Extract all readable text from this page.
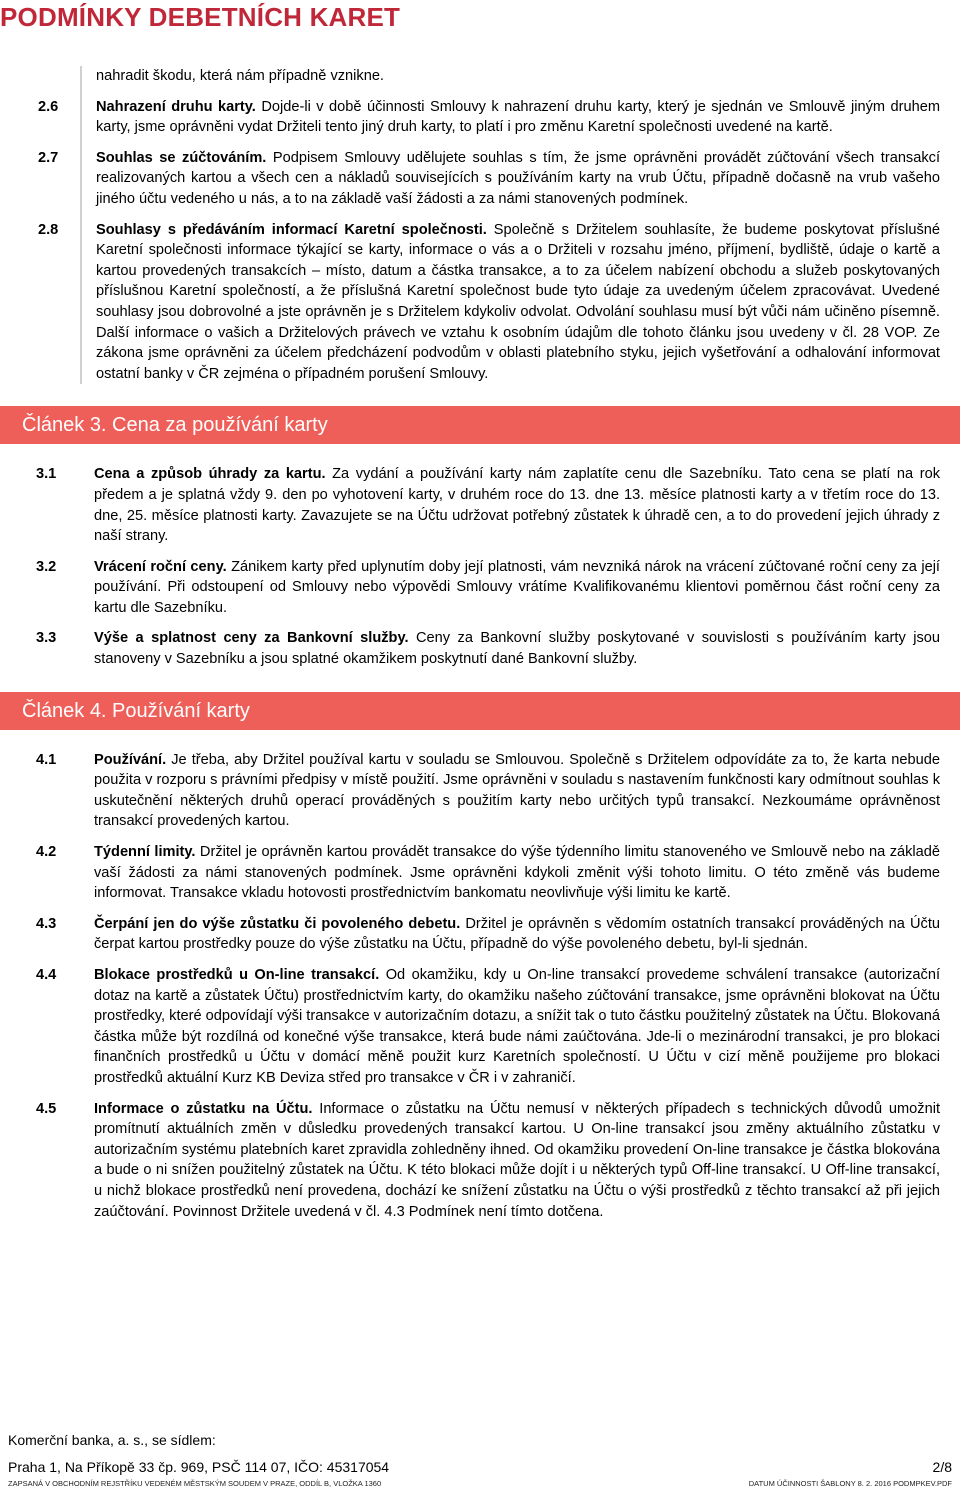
PODMÍNKY DEBETNÍCH KARET
nahradit škodu, která nám případně vznikne.
2.6	Nahrazení druhu karty. Dojde-li v době účinnosti Smlouvy k nahrazení druhu karty, který je sjednán ve Smlouvě jiným druhem karty, jsme oprávněni vydat Držiteli tento jiný druh karty, to platí i pro změnu Karetní společnosti uvedené na kartě.
2.7	Souhlas se zúčtováním. Podpisem Smlouvy udělujete souhlas s tím, že jsme oprávněni provádět zúčtování všech transakcí realizovaných kartou a všech cen a nákladů souvisejících s používáním karty na vrub Účtu, případně dočasně na vrub vašeho jiného účtu vedeného u nás, a to na základě vaší žádosti a za námi stanovených podmínek.
2.8	Souhlasy s předáváním informací Karetní společnosti. Společně s Držitelem souhlasíte, že budeme poskytovat příslušné Karetní společnosti informace týkající se karty, informace o vás a o Držiteli v rozsahu jméno, příjmení, bydliště, údaje o kartě a kartou provedených transakcích – místo, datum a částka transakce, a to za účelem nabízení obchodu a služeb poskytovaných příslušnou Karetní společností, a že příslušná Karetní společnost bude tyto údaje za uvedeným účelem zpracovávat. Uvedené souhlasy jsou dobrovolné a jste oprávněn je s Držitelem kdykoliv odvolat. Odvolání souhlasu musí být vůči nám učiněno písemně. Další informace o vašich a Držitelových právech ve vztahu k osobním údajům dle tohoto článku jsou uvedeny v čl. 28 VOP. Ze zákona jsme oprávněni za účelem předcházení podvodům v oblasti platebního styku, jejich vyšetřování a odhalování informovat ostatní banky v ČR zejména o případném porušení Smlouvy.
Článek 3. Cena za používání karty
3.1	Cena a způsob úhrady za kartu. Za vydání a používání karty nám zaplatíte cenu dle Sazebníku. Tato cena se platí na rok předem a je splatná vždy 9. den po vyhotovení karty, v druhém roce do 13. dne 13. měsíce platnosti karty a v třetím roce do 13. dne, 25. měsíce platnosti karty. Zavazujete se na Účtu udržovat potřebný zůstatek k úhradě cen, a to do provedení jejich úhrady z naší strany.
3.2	Vrácení roční ceny. Zánikem karty před uplynutím doby její platnosti, vám nevzniká nárok na vrácení zúčtované roční ceny za její používání. Při odstoupení od Smlouvy nebo výpovědi Smlouvy vrátíme Kvalifikovanému klientovi poměrnou část roční ceny za kartu dle Sazebníku.
3.3	Výše a splatnost ceny za Bankovní služby. Ceny za Bankovní služby poskytované v souvislosti s používáním karty jsou stanoveny v Sazebníku a jsou splatné okamžikem poskytnutí dané Bankovní služby.
Článek 4. Používání karty
4.1	Používání. Je třeba, aby Držitel používal kartu v souladu se Smlouvou. Společně s Držitelem odpovídáte za to, že karta nebude použita v rozporu s právními předpisy v místě použití. Jsme oprávněni v souladu s nastavením funkčnosti kary odmítnout souhlas k uskutečnění některých druhů operací prováděných s použitím karty nebo určitých typů transakcí. Nezkoumáme oprávněnost transakcí provedených kartou.
4.2	Týdenní limity. Držitel je oprávněn kartou provádět transakce do výše týdenního limitu stanoveného ve Smlouvě nebo na základě vaší žádosti za námi stanovených podmínek. Jsme oprávněni kdykoli změnit výši tohoto limitu. O této změně vás budeme informovat. Transakce vkladu hotovosti prostřednictvím bankomatu neovlivňuje výši limitu ke kartě.
4.3	Čerpání jen do výše zůstatku či povoleného debetu. Držitel je oprávněn s vědomím ostatních transakcí prováděných na Účtu čerpat kartou prostředky pouze do výše zůstatku na Účtu, případně do výše povoleného debetu, byl-li sjednán.
4.4	Blokace prostředků u On-line transakcí. Od okamžiku, kdy u On-line transakcí provedeme schválení transakce (autorizační dotaz na kartě a zůstatek Účtu) prostřednictvím karty, do okamžiku našeho zúčtování transakce, jsme oprávněni blokovat na Účtu prostředky, které odpovídají výši transakce v autorizačním dotazu, a snížit tak o tuto částku použitelný zůstatek na Účtu. Blokovaná částka může být rozdílná od konečné výše transakce, která bude námi zaúčtována. Jde-li o mezinárodní transakci, je pro blokaci finančních prostředků u Účtu v domácí měně použit kurz Karetních společností. U Účtu v cizí měně použijeme pro blokaci prostředků aktuální Kurz KB Deviza střed pro transakce v ČR i v zahraničí.
4.5	Informace o zůstatku na Účtu. Informace o zůstatku na Účtu nemusí v některých případech s technických důvodů umožnit promítnutí aktuálních změn v důsledku provedených transakcí kartou. U On-line transakcí jsou změny aktuálního zůstatku v autorizačním systému platebních karet zpravidla zohledněny ihned. Od okamžiku provedení On-line transakce je částka blokována a bude o ni snížen použitelný zůstatek na Účtu. K této blokaci může dojít i u některých typů Off-line transakcí. U Off-line transakcí, u nichž blokace prostředků není provedena, dochází ke snížení zůstatku na Účtu o výši prostředků z těchto transakcí až při jejich zaúčtování. Povinnost Držitele uvedená v čl. 4.3 Podmínek není tímto dotčena.
Komerční banka, a. s., se sídlem:
Praha 1, Na Příkopě 33 čp. 969, PSČ 114 07, IČO: 45317054	2/8
ZAPSANÁ V OBCHODNÍM REJSTŘÍKU VEDENÉM MĚSTSKÝM SOUDEM V PRAZE, ODDÍL B, VLOŽKA 1360	DATUM ÚČINNOSTI ŠABLONY 8. 2. 2016 PODMPKEV.PDF
